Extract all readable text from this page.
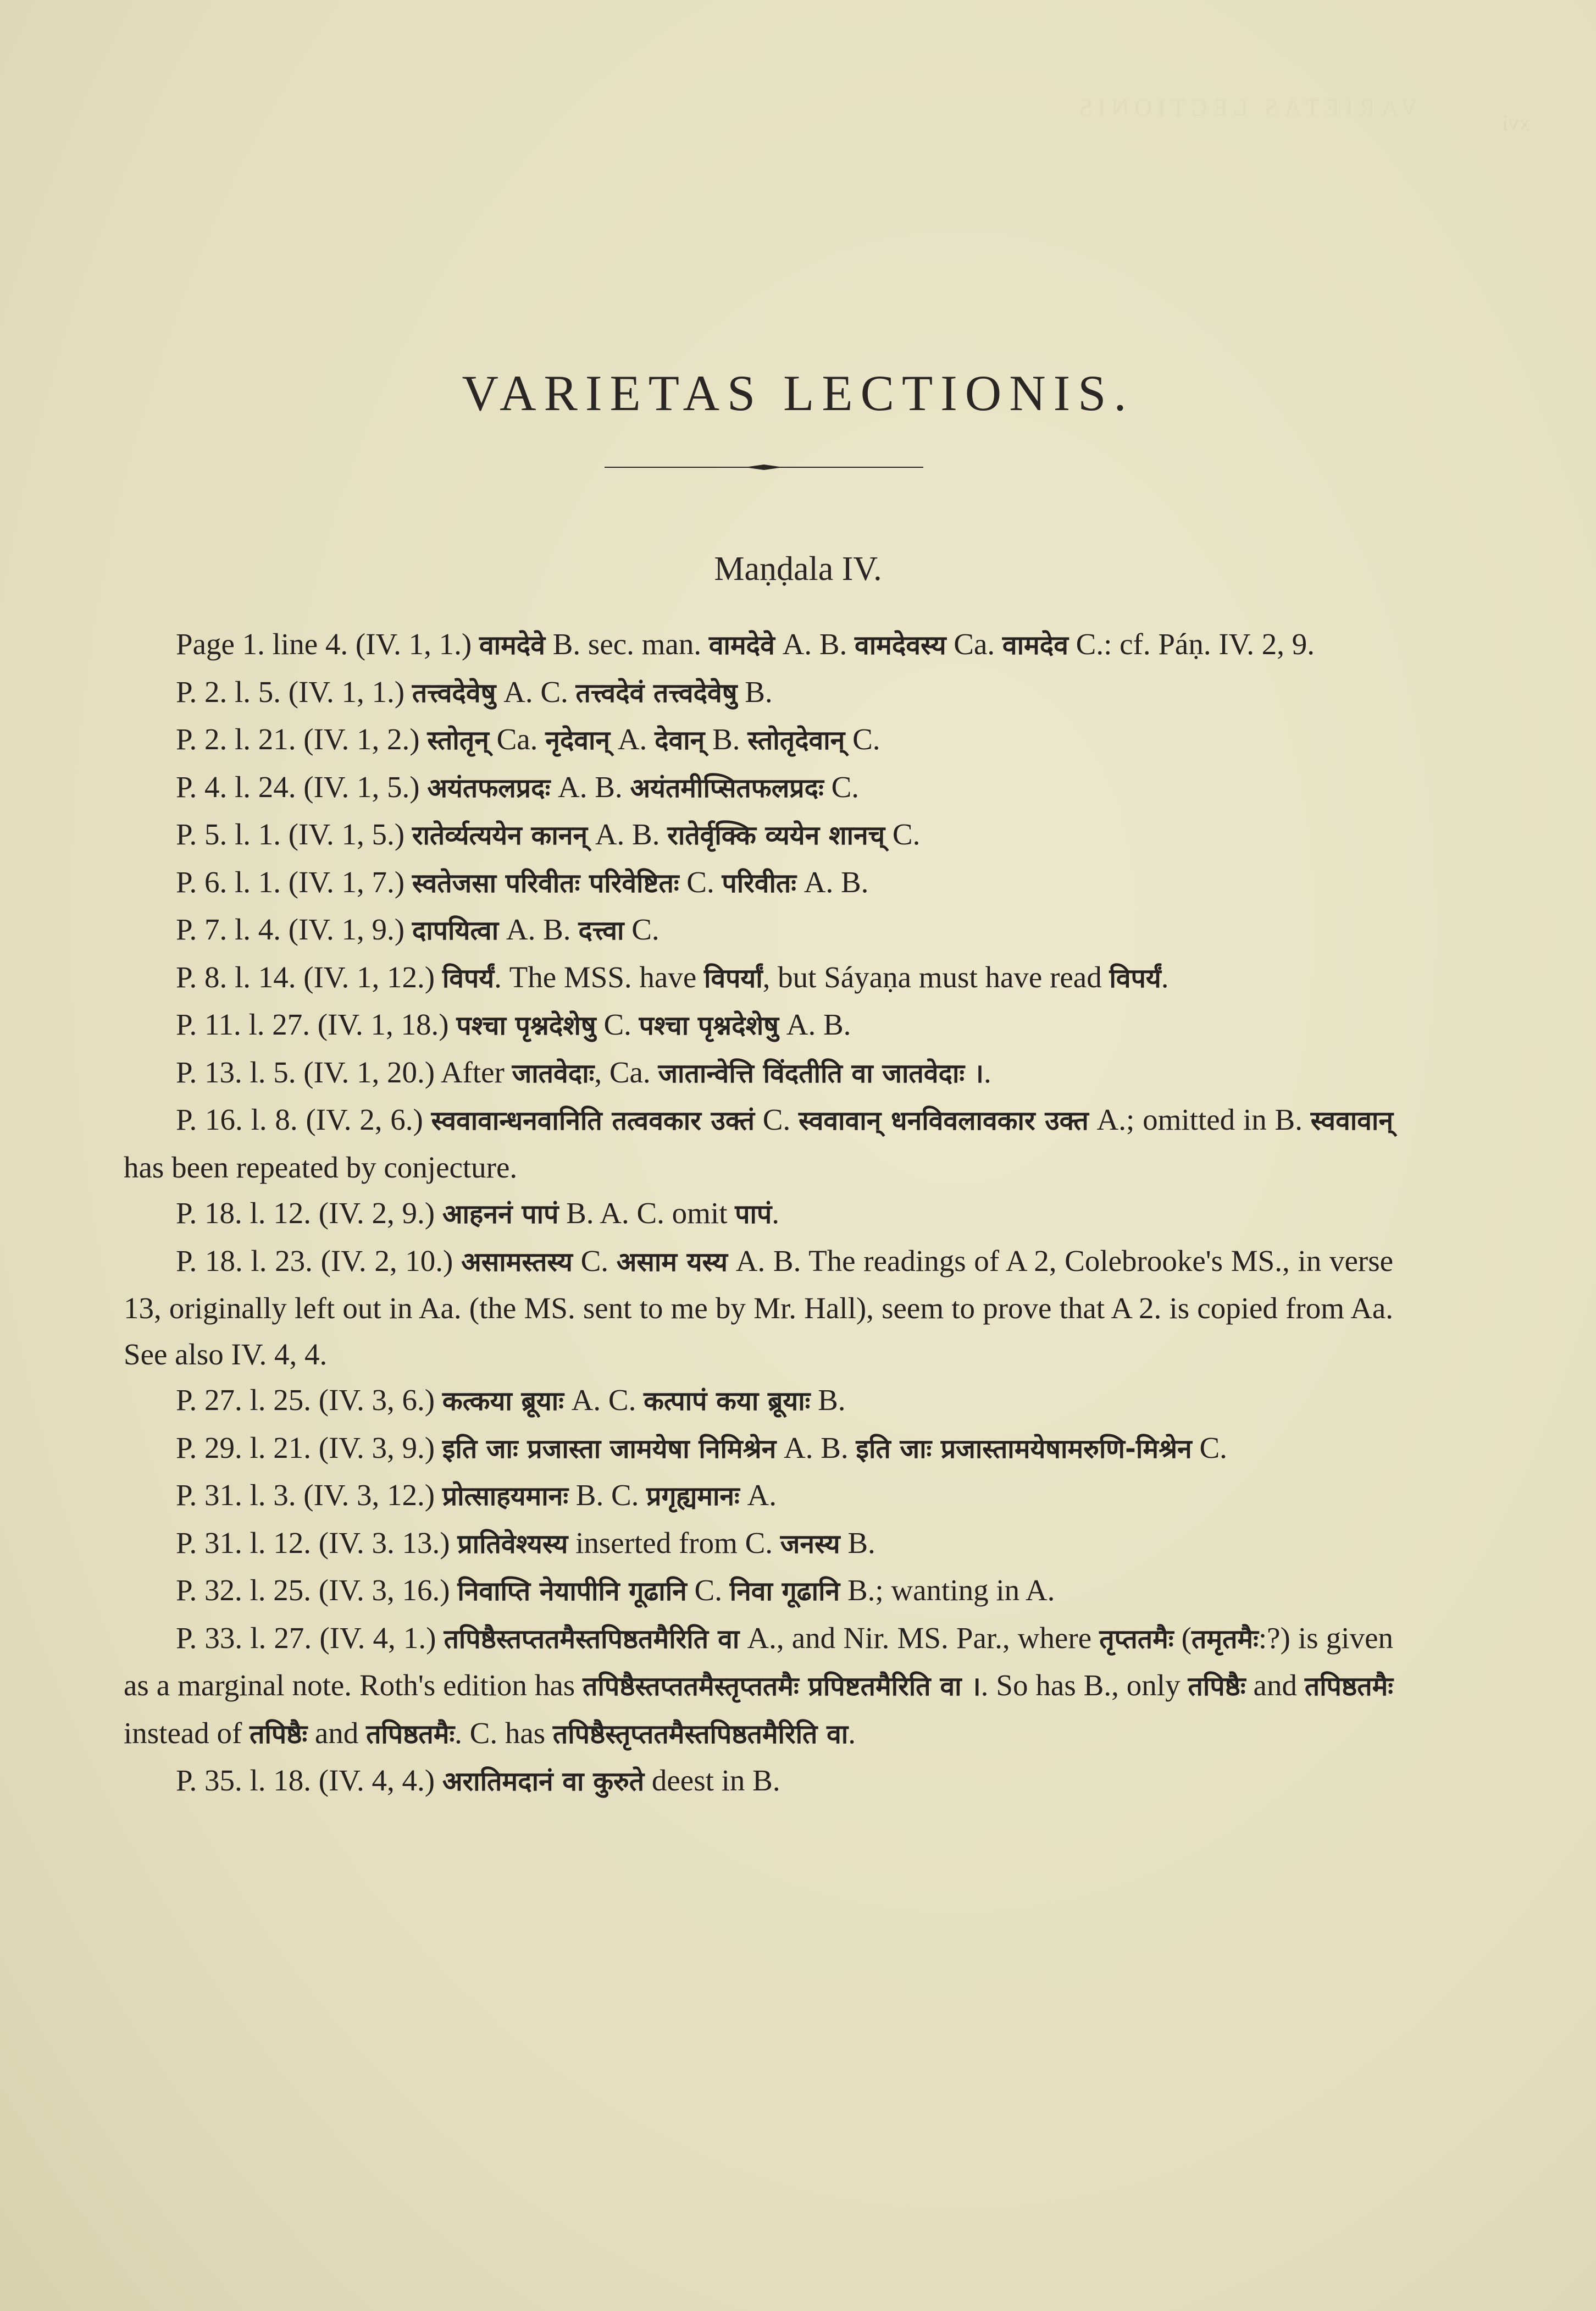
VARIETAS LECTIONIS
xvi
VARIETAS LECTIONIS.
Maṇḍala IV.

Page 1. line 4. (IV. 1, 1.) वामदेवे B. sec. man. वामदेवे A. B. वामदेवस्य Ca. वामदेव C.: cf. Páṇ. IV. 2, 9.

P. 2. l. 5. (IV. 1, 1.) तत्त्वदेवेषु A. C. तत्त्वदेवं तत्त्वदेवेषु B.

P. 2. l. 21. (IV. 1, 2.) स्तोतृन् Ca. नृदेवान् A. देवान् B. स्तोतृदेवान् C.

P. 4. l. 24. (IV. 1, 5.) अयंतफलप्रदः A. B. अयंतमीप्सितफलप्रदः C.

P. 5. l. 1. (IV. 1, 5.) रातेर्व्यत्ययेन कानन् A. B. रातेर्वृक्कि व्ययेन शानच् C.

P. 6. l. 1. (IV. 1, 7.) स्वतेजसा परिवीतः परिवेष्टितः C. परिवीतः A. B.

P. 7. l. 4. (IV. 1, 9.) दापयित्वा A. B. दत्त्वा C.

P. 8. l. 14. (IV. 1, 12.) विपर्यं. The MSS. have विपर्यां, but Sáyaṇa must have read विपर्यं.

P. 11. l. 27. (IV. 1, 18.) पश्चा पृश्नदेशेषु C. पश्चा पृश्नदेशेषु A. B.

P. 13. l. 5. (IV. 1, 20.) After जातवेदाः, Ca. जातान्वेत्ति विंदतीति वा जातवेदाः ।.

P. 16. l. 8. (IV. 2, 6.) स्ववावान्धनवानिति तत्ववकार उक्तं C. स्ववावान् धनविवलावकार उक्त A.; omitted in B. स्ववावान् has been repeated by conjecture.

P. 18. l. 12. (IV. 2, 9.) आहननं पापं B. A. C. omit पापं.

P. 18. l. 23. (IV. 2, 10.) असामस्तस्य C. असाम यस्य A. B. The readings of A 2, Colebrooke's MS., in verse 13, originally left out in Aa. (the MS. sent to me by Mr. Hall), seem to prove that A 2. is copied from Aa. See also IV. 4, 4.

P. 27. l. 25. (IV. 3, 6.) कत्कया ब्रूयाः A. C. कत्पापं कया ब्रूयाः B.

P. 29. l. 21. (IV. 3, 9.) इति जाः प्रजास्ता जामयेषा निमिश्रेन A. B. इति जाः प्रजास्तामयेषामरुणि-मिश्रेन C.

P. 31. l. 3. (IV. 3, 12.) प्रोत्साहयमानः B. C. प्रगृह्यमानः A.

P. 31. l. 12. (IV. 3. 13.) प्रातिवेश्यस्य inserted from C. जनस्य B.

P. 32. l. 25. (IV. 3, 16.) निवाप्ति नेयापीनि गूढानि C. निवा गूढानि B.; wanting in A.

P. 33. l. 27. (IV. 4, 1.) तपिष्ठैस्तप्ततमैस्तपिष्ठतमैरिति वा A., and Nir. MS. Par., where तृप्ततमैः (तमृतमैः:?) is given as a marginal note. Roth's edition has तपिष्ठैस्तप्ततमैस्तृप्ततमैः प्रपिष्टतमैरिति वा ।. So has B., only तपिष्ठैः and तपिष्ठतमैः instead of तपिष्ठैः and तपिष्ठतमैः. C. has तपिष्ठैस्तृप्ततमैस्तपिष्ठतमैरिति वा.

P. 35. l. 18. (IV. 4, 4.) अरातिमदानं वा कुरुते deest in B.
